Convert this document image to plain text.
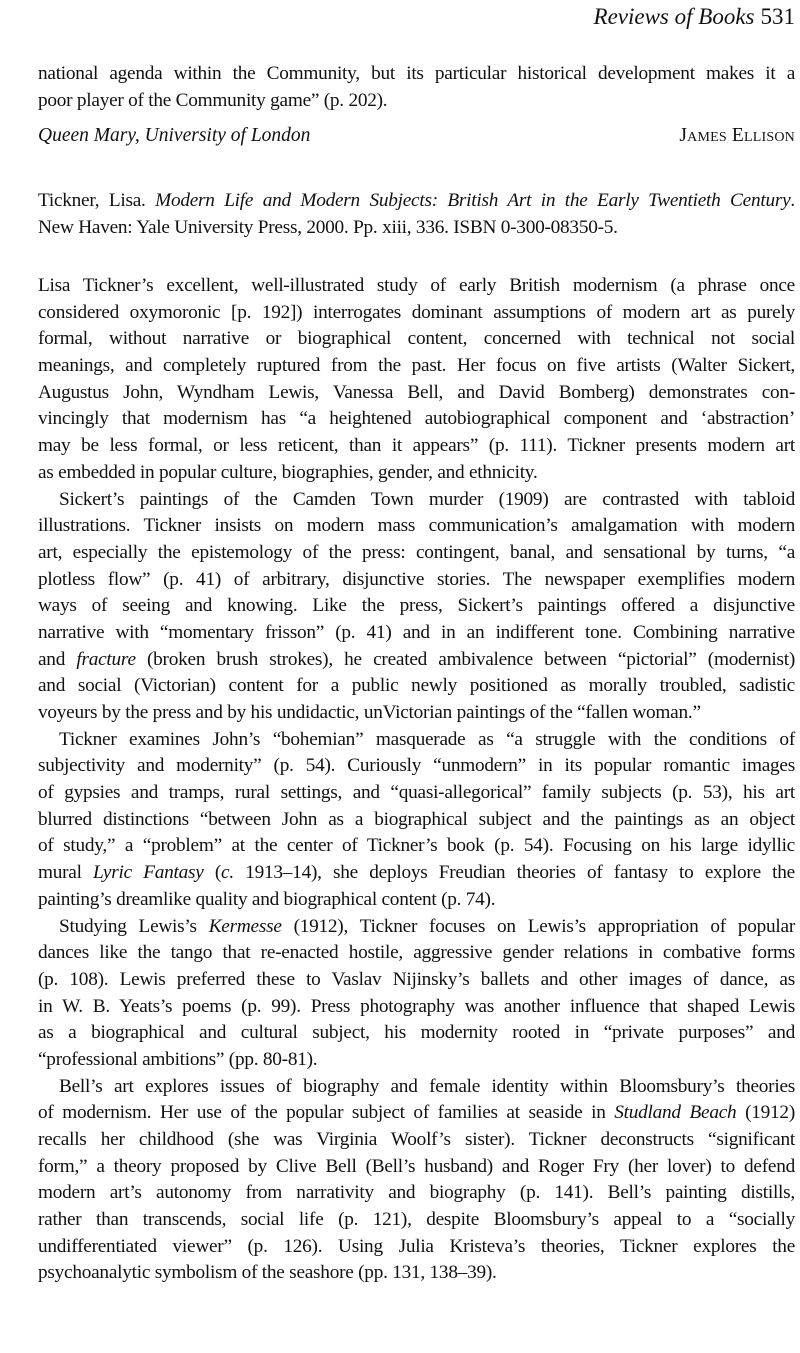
Reviews of Books 531
national agenda within the Community, but its particular historical development makes it a
poor player of the Community game” (p. 202).
Queen Mary, University of London	James Ellison
Tickner, Lisa. Modern Life and Modern Subjects: British Art in the Early Twentieth Century.
New Haven: Yale University Press, 2000. Pp. xiii, 336. ISBN 0-300-08350-5.
Lisa Tickner’s excellent, well-illustrated study of early British modernism (a phrase once
considered oxymoronic [p. 192]) interrogates dominant assumptions of modern art as purely
formal, without narrative or biographical content, concerned with technical not social
meanings, and completely ruptured from the past. Her focus on five artists (Walter Sickert,
Augustus John, Wyndham Lewis, Vanessa Bell, and David Bomberg) demonstrates con-
vincingly that modernism has “a heightened autobiographical component and ‘abstraction’
may be less formal, or less reticent, than it appears” (p. 111). Tickner presents modern art
as embedded in popular culture, biographies, gender, and ethnicity.
Sickert’s paintings of the Camden Town murder (1909) are contrasted with tabloid
illustrations. Tickner insists on modern mass communication’s amalgamation with modern
art, especially the epistemology of the press: contingent, banal, and sensational by turns, “a
plotless flow” (p. 41) of arbitrary, disjunctive stories. The newspaper exemplifies modern
ways of seeing and knowing. Like the press, Sickert’s paintings offered a disjunctive
narrative with “momentary frisson” (p. 41) and in an indifferent tone. Combining narrative
and fracture (broken brush strokes), he created ambivalence between “pictorial” (modernist)
and social (Victorian) content for a public newly positioned as morally troubled, sadistic
voyeurs by the press and by his undidactic, unVictorian paintings of the “fallen woman.”
Tickner examines John’s “bohemian” masquerade as “a struggle with the conditions of
subjectivity and modernity” (p. 54). Curiously “unmodern” in its popular romantic images
of gypsies and tramps, rural settings, and “quasi-allegorical” family subjects (p. 53), his art
blurred distinctions “between John as a biographical subject and the paintings as an object
of study,” a “problem” at the center of Tickner’s book (p. 54). Focusing on his large idyllic
mural Lyric Fantasy (c. 1913–14), she deploys Freudian theories of fantasy to explore the
painting’s dreamlike quality and biographical content (p. 74).
Studying Lewis’s Kermesse (1912), Tickner focuses on Lewis’s appropriation of popular
dances like the tango that re-enacted hostile, aggressive gender relations in combative forms
(p. 108). Lewis preferred these to Vaslav Nijinsky’s ballets and other images of dance, as
in W. B. Yeats’s poems (p. 99). Press photography was another influence that shaped Lewis
as a biographical and cultural subject, his modernity rooted in “private purposes” and
“professional ambitions” (pp. 80-81).
Bell’s art explores issues of biography and female identity within Bloomsbury’s theories
of modernism. Her use of the popular subject of families at seaside in Studland Beach (1912)
recalls her childhood (she was Virginia Woolf’s sister). Tickner deconstructs “significant
form,” a theory proposed by Clive Bell (Bell’s husband) and Roger Fry (her lover) to defend
modern art’s autonomy from narrativity and biography (p. 141). Bell’s painting distills,
rather than transcends, social life (p. 121), despite Bloomsbury’s appeal to a “socially
undifferentiated viewer” (p. 126). Using Julia Kristeva’s theories, Tickner explores the
psychoanalytic symbolism of the seashore (pp. 131, 138–39).
